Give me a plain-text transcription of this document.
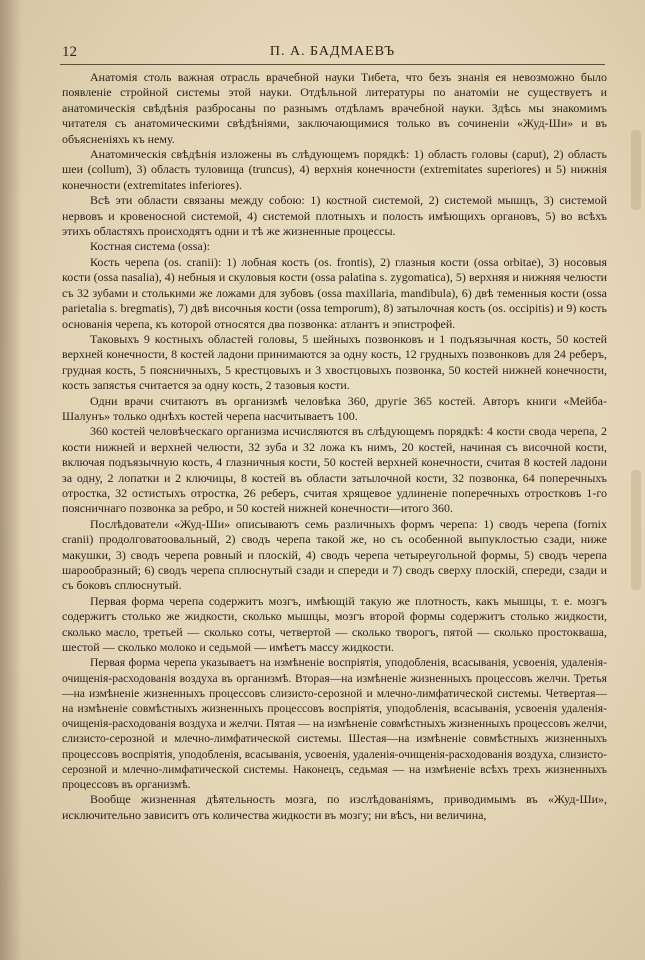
12	П. А. БАДМАЕВЪ

Анатомія столь важная отрасль врачебной науки Тибета, что безъ знанія ея невозможно было появленіе стройной системы этой науки. Отдѣльной литературы по анатоміи не существуетъ и анатомическія свѣдѣнія разбросаны по разнымъ отдѣламъ врачебной науки. Здѣсь мы знакомимъ читателя съ анатомическими свѣдѣніями, заключающимися только въ сочиненіи «Жуд-Ши» и въ объясненіяхъ къ нему.

Анатомическія свѣдѣнія изложены въ слѣдующемъ порядкѣ: 1) область головы (caput), 2) область шеи (collum), 3) область туловища (truncus), 4) верхнія конечности (extremitates superiores) и 5) нижнія конечности (extremitates inferiores).

Всѣ эти области связаны между собою: 1) костной системой, 2) системой мышцъ, 3) системой нервовъ и кровеносной системой, 4) системой плотныхъ и полость имѣющихъ органовъ, 5) во всѣхъ этихъ областяхъ происходятъ одни и тѣ же жизненные процессы.

Костная система (ossa):

Кость черепа (os. cranii): 1) лобная кость (os. frontis), 2) глазныя кости (ossa orbitae), 3) носовыя кости (ossa nasalia), 4) небныя и скуловыя кости (ossa palatina s. zygomatica), 5) верхняя и нижняя челюсти съ 32 зубами и столькими же ложами для зубовъ (ossa maxillaria, mandibula), 6) двѣ теменныя кости (ossa parietalia s. bregmatis), 7) двѣ височныя кости (ossa temporum), 8) затылочная кость (os. occipitis) и 9) кость основанія черепа, къ которой относятся два позвонка: атлантъ и эпистрофей.

Таковыхъ 9 костныхъ областей головы, 5 шейныхъ позвонковъ и 1 подъязычная кость, 50 костей верхней конечности, 8 костей ладони принимаются за одну кость, 12 грудныхъ позвонковъ для 24 реберъ, грудная кость, 5 поясничныхъ, 5 крестцовыхъ и 3 хвостцовыхъ позвонка, 50 костей нижней конечности, кость запястья считается за одну кость, 2 тазовыя кости.

Одни врачи считаютъ въ организмѣ человѣка 360, другіе 365 костей. Авторъ книги «Мейба-Шалунъ» только однѣхъ костей черепа насчитываетъ 100.

360 костей человѣческаго организма исчисляются въ слѣдующемъ порядкѣ: 4 кости свода черепа, 2 кости нижней и верхней челюсти, 32 зуба и 32 ложа къ нимъ, 20 костей, начиная съ височной кости, включая подъязычную кость, 4 глазничныя кости, 50 костей верхней конечности, считая 8 костей ладони за одну, 2 лопатки и 2 ключицы, 8 костей въ области затылочной кости, 32 позвонка, 64 поперечныхъ отростка, 32 остистыхъ отростка, 26 реберъ, считая хрящевое удлиненіе поперечныхъ отростковъ 1-го поясничнаго позвонка за ребро, и 50 костей нижней конечности—итого 360.

Послѣдователи «Жуд-Ши» описываютъ семь различныхъ формъ черепа: 1) сводъ черепа (fornix cranii) продолговатоовальный, 2) сводъ черепа такой же, но съ особенной выпуклостью сзади, ниже макушки, 3) сводъ черепа ровный и плоскій, 4) сводъ черепа четыреугольной формы, 5) сводъ черепа шарообразный; 6) сводъ черепа сплюснутый сзади и спереди и 7) сводъ сверху плоскій, спереди, сзади и съ боковъ сплюснутый.

Первая форма черепа содержитъ мозгъ, имѣющій такую же плотность, какъ мышцы, т. е. мозгъ содержитъ столько же жидкости, сколько мышцы, мозгъ второй формы содержитъ столько жидкости, сколько масло, третьей — сколько соты, четвертой — сколько творогъ, пятой — сколько простокваша, шестой — сколько молоко и седьмой — имѣетъ массу жидкости.

Первая форма черепа указываетъ на измѣненіе воспріятія, уподобленія, всасыванія, усвоенія, удаленія-очищенія-расходованія воздуха въ организмѣ. Вторая—на измѣненіе жизненныхъ процессовъ желчи. Третья—на измѣненіе жизненныхъ процессовъ слизисто-серозной и млечно-лимфатической системы. Четвертая—на измѣненіе совмѣстныхъ жизненныхъ процессовъ воспріятія, уподобленія, всасыванія, усвоенія удаленія-очищенія-расходованія воздуха и желчи. Пятая — на измѣненіе совмѣстныхъ жизненныхъ процессовъ желчи, слизисто-серозной и млечно-лимфатической системы. Шестая—на измѣненіе совмѣстныхъ жизненныхъ процессовъ воспріятія, уподобленія, всасыванія, усвоенія, удаленія-очищенія-расходованія воздуха, слизисто-серозной и млечно-лимфатической системы. Наконецъ, седьмая — на измѣненіе всѣхъ трехъ жизненныхъ процессовъ въ организмѣ.

Вообще жизненная дѣятельность мозга, по изслѣдованіямъ, приводимымъ въ «Жуд-Ши», исключительно зависитъ отъ количества жидкости въ мозгу; ни вѣсъ, ни величина,
